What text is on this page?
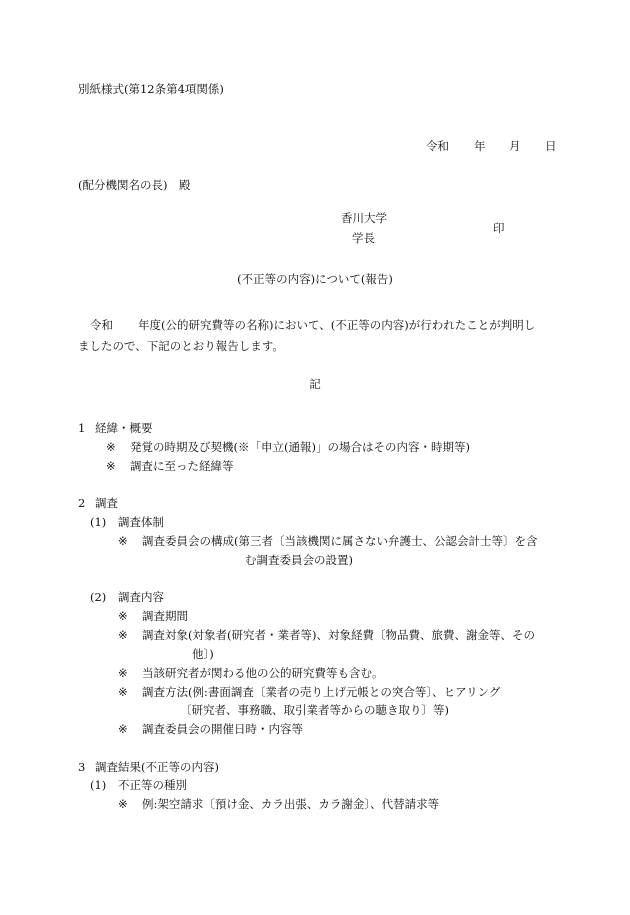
別紙様式(第12条第4項関係)
令和 年 月 日
(配分機関名の長)　殿
香川大学
学長
印
(不正等の内容)について(報告)
令和 年度(公的研究費等の名称)において、(不正等の内容)が行われたことが判明し
ましたので、下記のとおり報告します。
記
1 経緯・概要
※ 発覚の時期及び契機(※「申立(通報)」の場合はその内容・時期等)
※ 調査に至った経緯等
2 調査
(1) 調査体制
※ 調査委員会の構成(第三者〔当該機関に属さない弁護士、公認会計士等〕を含
む調査委員会の設置)
(2) 調査内容
※ 調査期間
※ 調査対象(対象者(研究者・業者等)、対象経費〔物品費、旅費、謝金等、その
他〕)
※ 当該研究者が関わる他の公的研究費等も含む。
※ 調査方法(例:書面調査〔業者の売り上げ元帳との突合等〕、ヒアリング
〔研究者、事務職、取引業者等からの聴き取り〕等)
※ 調査委員会の開催日時・内容等
3 調査結果(不正等の内容)
(1) 不正等の種別
※ 例:架空請求〔預け金、カラ出張、カラ謝金〕、代替請求等
